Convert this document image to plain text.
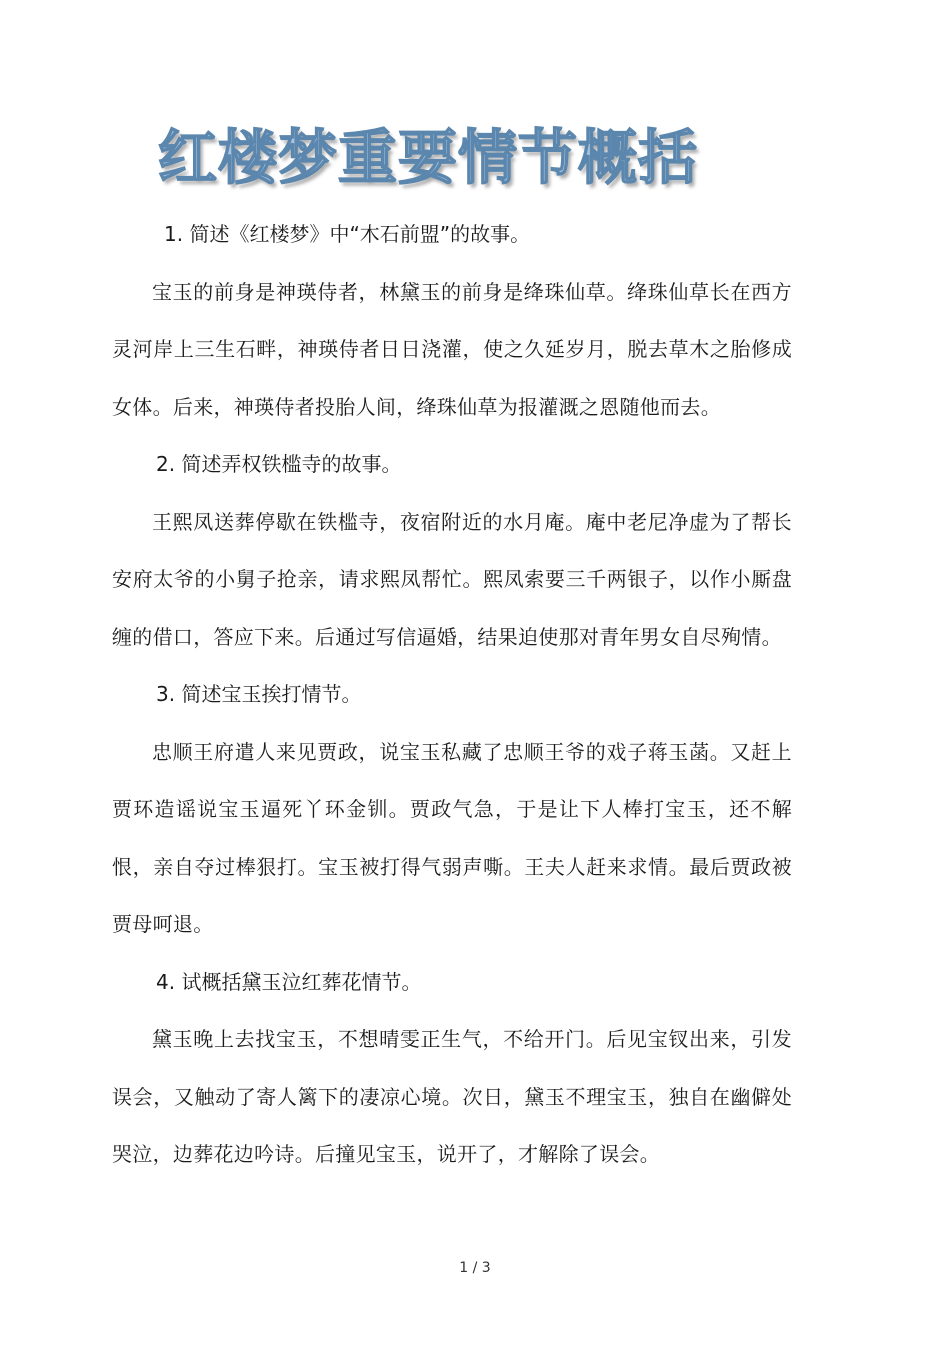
红楼梦重要情节概括

1. 简述《红楼梦》中“木石前盟”的故事。

宝玉的前身是神瑛侍者，林黛玉的前身是绛珠仙草。绛珠仙草长在西方灵河岸上三生石畔，神瑛侍者日日浇灌，使之久延岁月，脱去草木之胎修成女体。后来，神瑛侍者投胎人间，绛珠仙草为报灌溉之恩随他而去。

2. 简述弄权铁槛寺的故事。

王熙凤送葬停歇在铁槛寺，夜宿附近的水月庵。庵中老尼净虚为了帮长安府太爷的小舅子抢亲，请求熙凤帮忙。熙凤索要三千两银子，以作小厮盘缠的借口，答应下来。后通过写信逼婚，结果迫使那对青年男女自尽殉情。

3. 简述宝玉挨打情节。

忠顺王府遣人来见贾政，说宝玉私藏了忠顺王爷的戏子蒋玉菡。又赶上贾环造谣说宝玉逼死丫环金钏。贾政气急，于是让下人棒打宝玉，还不解恨，亲自夺过棒狠打。宝玉被打得气弱声嘶。王夫人赶来求情。最后贾政被贾母呵退。

4. 试概括黛玉泣红葬花情节。

黛玉晚上去找宝玉，不想晴雯正生气，不给开门。后见宝钗出来，引发误会，又触动了寄人篱下的凄凉心境。次日，黛玉不理宝玉，独自在幽僻处哭泣，边葬花边吟诗。后撞见宝玉，说开了，才解除了误会。

1 / 3
